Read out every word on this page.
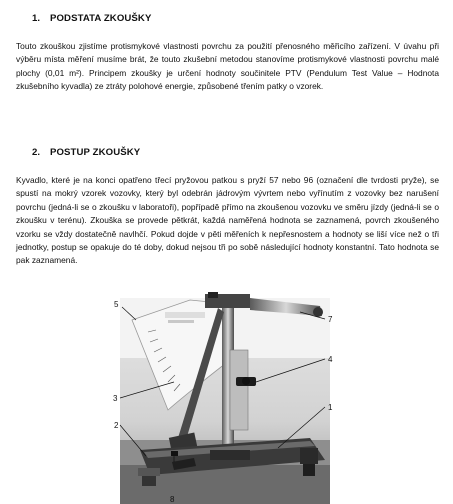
1. PODSTATA ZKOUŠKY
Touto zkouškou zjistíme protismykové vlastnosti povrchu za použití přenosného měřicího zařízení. V úvahu při výběru místa měření musíme brát, že touto zkušební metodou stanovíme protismykové vlastnosti povrchu malé plochy (0,01 m²). Principem zkoušky je určení hodnoty součinitele PTV (Pendulum Test Value – Hodnota zkušebního kyvadla) ze ztráty polohové energie, způsobené třením patky o vzorek.
2. POSTUP ZKOUŠKY
Kyvadlo, které je na konci opatřeno třecí pryžovou patkou s pryží 57 nebo 96 (označení dle tvrdosti pryže), se spustí na mokrý vzorek vozovky, který byl odebrán jádrovým vývrtem nebo vyřínutím z vozovky bez narušení povrchu (jedná-li se o zkoušku v laboratoři), popřípadě přímo na zkoušenou vozovku ve směru jízdy (jedná-li se o zkoušku v terénu). Zkouška se provede pětkrát, každá naměřená hodnota se zaznamená, povrch zkoušeného vzorku se vždy dostatečně navlhčí. Pokud dojde v pěti měřeních k nepřesnostem a hodnoty se liší více než o tři jednotky, postup se opakuje do té doby, dokud nejsou tři po sobě následující hodnoty konstantní. Tato hodnota se pak zaznamená.
5
3
2
7
4
1
8
